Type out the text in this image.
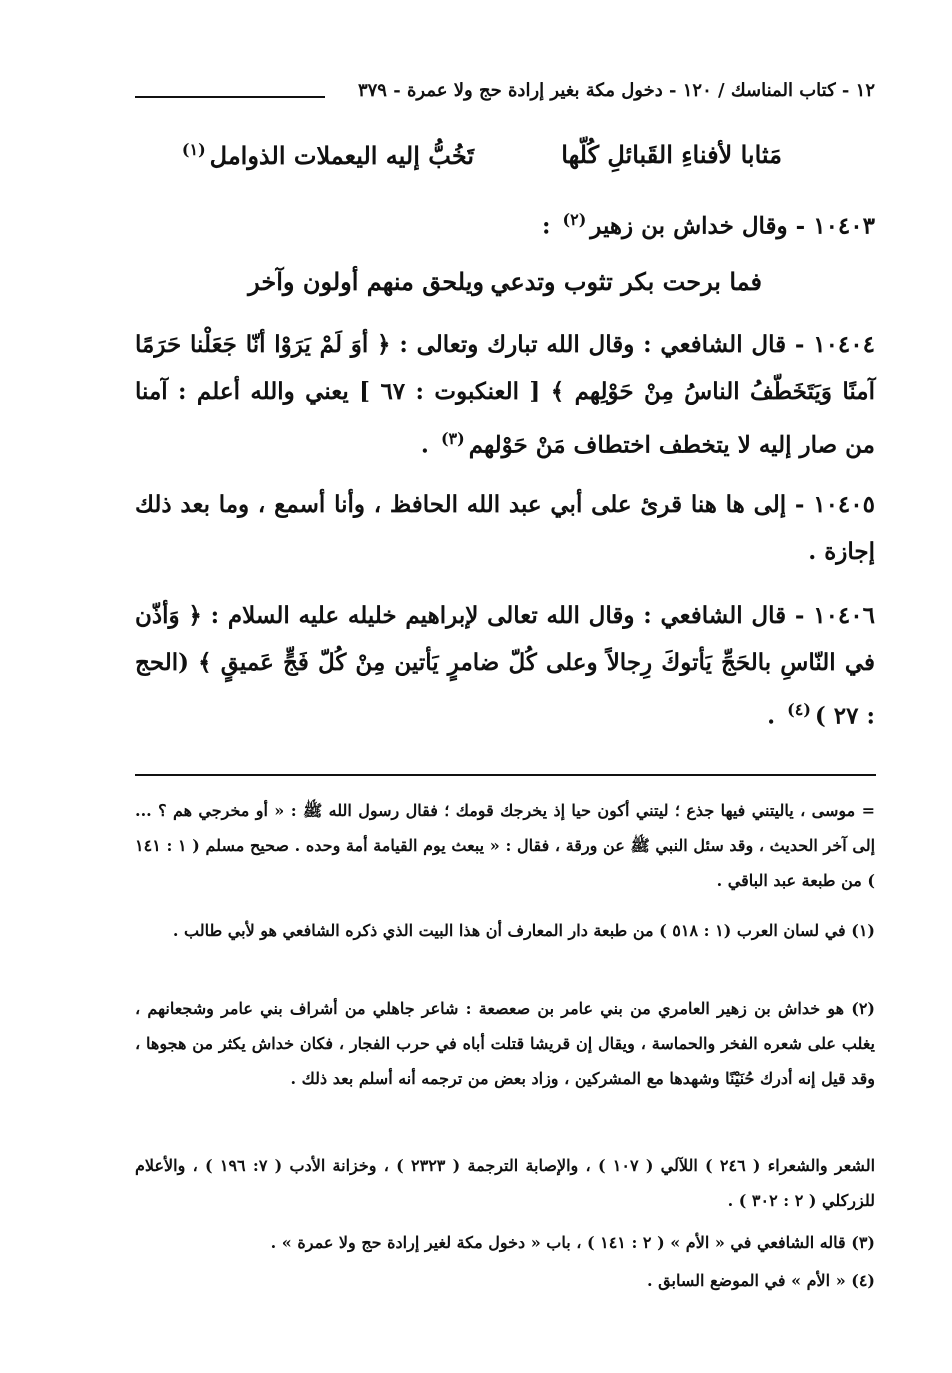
١٢ - كتاب المناسك / ١٢٠ - دخول مكة بغير إرادة حج ولا عمرة - ٣٧٩
مَثابا لأفناءِ القَبائلِ كُلّها
تَخُبُّ إليه اليعملات الذوامل$^{(١)}$

١٠٤٠٣ - وقال خداش بن زهير$^{(٢)}$ :

فما برحت بكر تثوب وتدعي
ويلحق منهم أولون وآخر

١٠٤٠٤ - قال الشافعي : وقال الله تبارك وتعالى : ﴿ أوَ لَمْ يَرَوْا أنّا جَعَلْنا حَرَمًا آمنًا وَيَتَخَطّفُ الناسُ مِنْ حَوْلِهم ﴾ [ العنكبوت : ٦٧ ] يعني والله أعلم : آمنا من صار إليه لا يتخطف اختطاف مَنْ حَوْلهم$^{(٣)}$ .

١٠٤٠٥ - إلى ها هنا قرئ على أبي عبد الله الحافظ ، وأنا أسمع ، وما بعد ذلك إجازة .

١٠٤٠٦ - قال الشافعي : وقال الله تعالى لإبراهيم خليله عليه السلام : ﴿ وَأذّن في النّاسِ بالحَجِّ يَأتوكَ رِجالاً وعلى كُلّ ضامرٍ يَأتين مِنْ كُلّ فَجٍّ عَميقٍ ﴾ (الحج : ٢٧ )$^{(٤)}$ .

= موسى ، ياليتني فيها جذع ؛ ليتني أكون حيا إذ يخرجك قومك ؛ فقال رسول الله ﷺ : « أو مخرجي هم ؟ ... إلى آخر الحديث ، وقد سئل النبي ﷺ عن ورقة ، فقال : « يبعث يوم القيامة أمة وحده . صحيح مسلم ( ١ : ١٤١ ) من طبعة عبد الباقي .

(١) في لسان العرب (١ : ٥١٨ ) من طبعة دار المعارف أن هذا البيت الذي ذكره الشافعي هو لأبي طالب .

(٢) هو خداش بن زهير العامري من بني عامر بن صعصعة : شاعر جاهلي من أشراف بني عامر وشجعانهم ، يغلب على شعره الفخر والحماسة ، ويقال إن قريشا قتلت أباه في حرب الفجار ، فكان خداش يكثر من هجوها ، وقد قيل إنه أدرك حُنَيْنًا وشهدها مع المشركين ، وزاد بعض من ترجمه أنه أسلم بعد ذلك .

الشعر والشعراء ( ٢٤٦ ) اللآلي ( ١٠٧ ) ، والإصابة الترجمة ( ٢٣٢٣ ) ، وخزانة الأدب ( ٧: ١٩٦ ) ، والأعلام للزركلي ( ٢ : ٣٠٢ ) .

(٣) قاله الشافعي في « الأم » ( ٢ : ١٤١ ) ، باب « دخول مكة لغير إرادة حج ولا عمرة » .

(٤) « الأم » في الموضع السابق .
